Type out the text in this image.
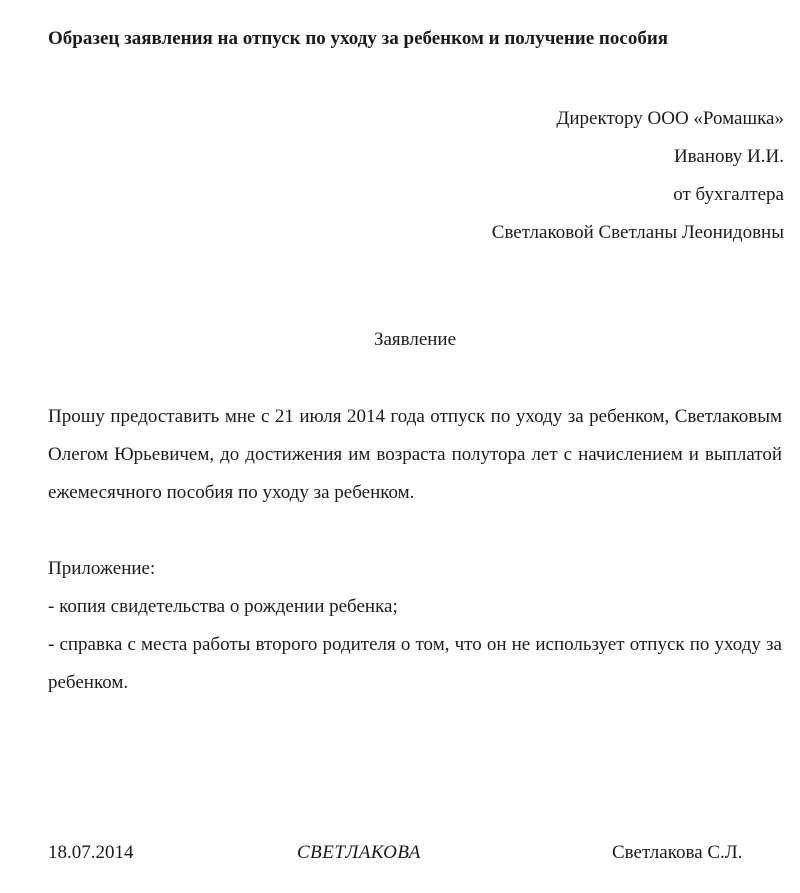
Образец заявления на отпуск по уходу за ребенком и получение пособия
Директору ООО «Ромашка»
Иванову И.И.
от бухгалтера
Светлаковой Светланы Леонидовны
Заявление
Прошу предоставить мне с 21 июля 2014 года отпуск по уходу за ребенком, Светлаковым Олегом Юрьевичем, до достижения им возраста полутора лет с начислением и выплатой ежемесячного пособия по уходу за ребенком.
Приложение:
- копия свидетельства о рождении ребенка;
- справка с места работы второго родителя о том, что он не использует отпуск по уходу за ребенком.
18.07.2014	СВЕТЛАКОВА	Светлакова С.Л.
